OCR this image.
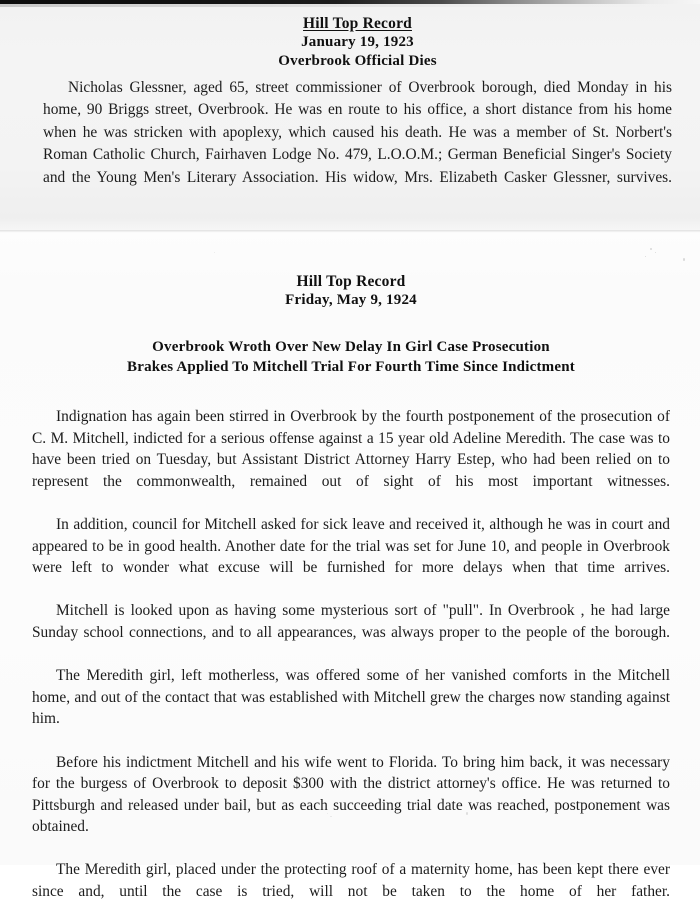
Hill Top Record
January 19, 1923
Overbrook Official Dies

Nicholas Glessner, aged 65, street commissioner of Overbrook borough, died Monday in his home, 90 Briggs street, Overbrook. He was en route to his office, a short distance from his home when he was stricken with apoplexy, which caused his death. He was a member of St. Norbert's Roman Catholic Church, Fairhaven Lodge No. 479, L.O.O.M.; German Beneficial Singer's Society and the Young Men's Literary Association. His widow, Mrs. Elizabeth Casker Glessner, survives.

Hill Top Record
Friday, May 9, 1924
Overbrook Wroth Over New Delay In Girl Case Prosecution
Brakes Applied To Mitchell Trial For Fourth Time Since Indictment

Indignation has again been stirred in Overbrook by the fourth postponement of the prosecution of C. M. Mitchell, indicted for a serious offense against a 15 year old Adeline Meredith. The case was to have been tried on Tuesday, but Assistant District Attorney Harry Estep, who had been relied on to represent the commonwealth, remained out of sight of his most important witnesses.

In addition, council for Mitchell asked for sick leave and received it, although he was in court and appeared to be in good health. Another date for the trial was set for June 10, and people in Overbrook were left to wonder what excuse will be furnished for more delays when that time arrives.

Mitchell is looked upon as having some mysterious sort of "pull". In Overbrook , he had large Sunday school connections, and to all appearances, was always proper to the people of the borough.

The Meredith girl, left motherless, was offered some of her vanished comforts in the Mitchell home, and out of the contact that was established with Mitchell grew the charges now standing against him.

Before his indictment Mitchell and his wife went to Florida. To bring him back, it was necessary for the burgess of Overbrook to deposit $300 with the district attorney's office. He was returned to Pittsburgh and released under bail, but as each succeeding trial date was reached, postponement was obtained.

The Meredith girl, placed under the protecting roof of a maternity home, has been kept there ever since and, until the case is tried, will not be taken to the home of her father.
